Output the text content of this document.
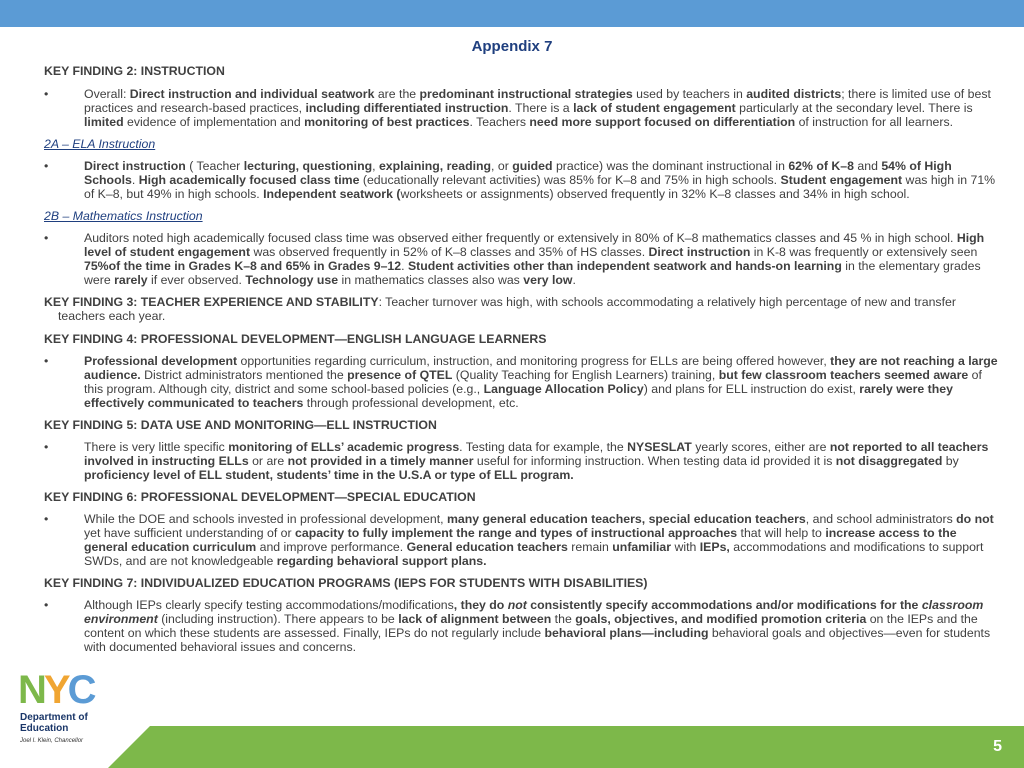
Appendix 7

KEY FINDING 2: INSTRUCTION

•	Overall: Direct instruction and individual seatwork are the predominant instructional strategies used by teachers in audited districts; there is limited use of best practices and research-based practices, including differentiated instruction. There is a lack of student engagement particularly at the secondary level. There is limited evidence of implementation and monitoring of best practices. Teachers need more support focused on differentiation of instruction for all learners.

2A – ELA Instruction

•	Direct instruction ( Teacher lecturing, questioning, explaining, reading, or guided practice) was the dominant instructional in 62% of K–8 and 54% of High Schools. High academically focused class time (educationally relevant activities) was 85% for K–8 and 75% in high schools. Student engagement was high in 71% of K–8, but 49% in high schools. Independent seatwork (worksheets or assignments) observed frequently in 32% K–8 classes and 34% in high school.

2B – Mathematics Instruction

•	Auditors noted high academically focused class time was observed either frequently or extensively in 80% of K–8 mathematics classes and 45 % in high school. High level of student engagement was observed frequently in 52% of K–8 classes and 35% of HS classes. Direct instruction in K-8 was frequently or extensively seen 75%of the time in Grades K–8 and 65% in Grades 9–12. Student activities other than independent seatwork and hands-on learning in the elementary grades were rarely if ever observed. Technology use in mathematics classes also was very low.

KEY FINDING 3: TEACHER EXPERIENCE AND STABILITY: Teacher turnover was high, with schools accommodating a relatively high percentage of new and transfer teachers each year.

KEY FINDING 4: PROFESSIONAL DEVELOPMENT—ENGLISH LANGUAGE LEARNERS

•	Professional development opportunities regarding curriculum, instruction, and monitoring progress for ELLs are being offered however, they are not reaching a large audience. District administrators mentioned the presence of QTEL (Quality Teaching for English Learners) training, but few classroom teachers seemed aware of this program. Although city, district and some school-based policies (e.g., Language Allocation Policy) and plans for ELL instruction do exist, rarely were they effectively communicated to teachers through professional development, etc.

KEY FINDING 5: DATA USE AND MONITORING—ELL INSTRUCTION

•	There is very little specific monitoring of ELLs’ academic progress. Testing data for example, the NYSESLAT yearly scores, either are not reported to all teachers involved in instructing ELLs or are not provided in a timely manner useful for informing instruction. When testing data id provided it is not disaggregated by proficiency level of ELL student, students’ time in the U.S.A or type of ELL program.

KEY FINDING 6: PROFESSIONAL DEVELOPMENT—SPECIAL EDUCATION

•	While the DOE and schools invested in professional development, many general education teachers, special education teachers, and school administrators do not yet have sufficient understanding of or capacity to fully implement the range and types of instructional approaches that will help to increase access to the general education curriculum and improve performance. General education teachers remain unfamiliar with IEPs, accommodations and modifications to support SWDs, and are not knowledgeable regarding behavioral support plans.

KEY FINDING 7: INDIVIDUALIZED EDUCATION PROGRAMS (IEPS FOR STUDENTS WITH DISABILITIES)

•	Although IEPs clearly specify testing accommodations/modifications, they do not consistently specify accommodations and/or modifications for the classroom environment (including instruction). There appears to be lack of alignment between the goals, objectives, and modified promotion criteria on the IEPs and the content on which these students are assessed. Finally, IEPs do not regularly include behavioral plans—including behavioral goals and objectives—even for students with documented behavioral issues and concerns.
5
NYC
Department of
Education
Joel I. Klein, Chancellor
